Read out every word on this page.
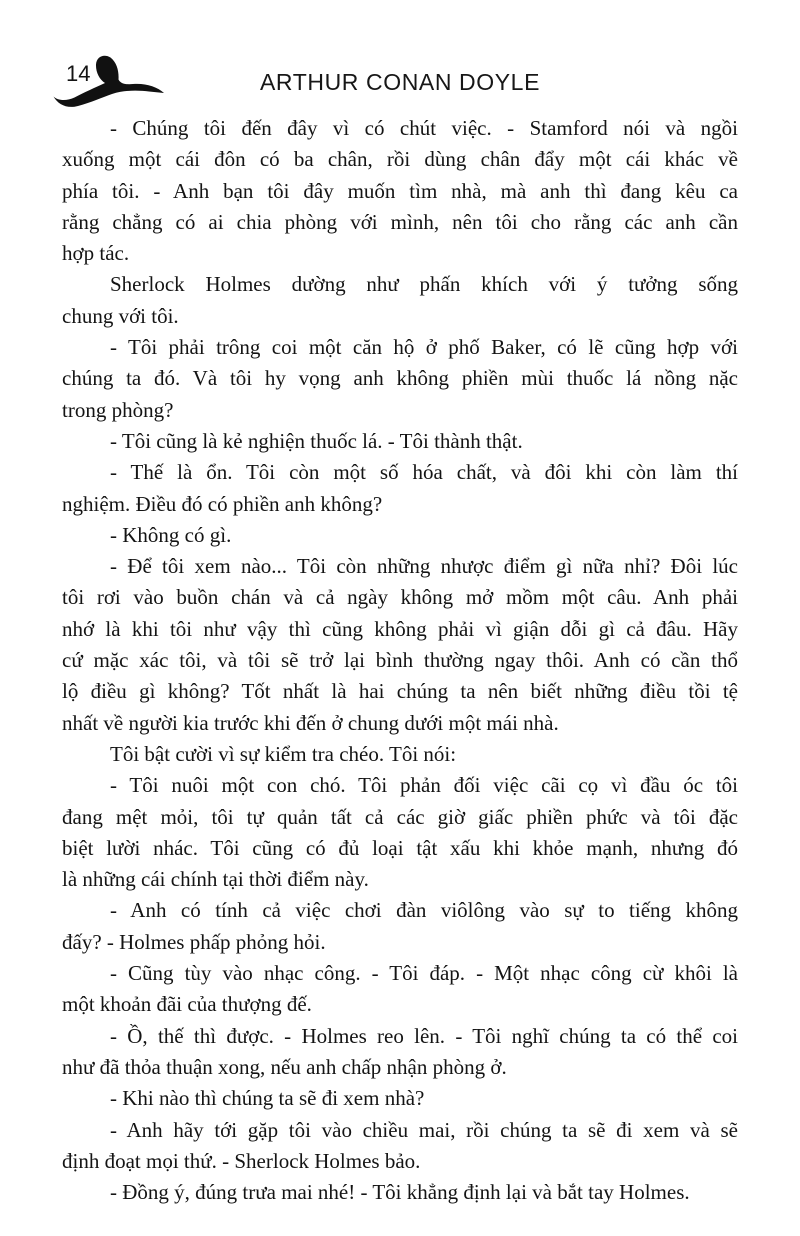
14	ARTHUR CONAN DOYLE
- Chúng tôi đến đây vì có chút việc. - Stamford nói và ngồi
xuống một cái đôn có ba chân, rồi dùng chân đẩy một cái khác về
phía tôi. - Anh bạn tôi đây muốn tìm nhà, mà anh thì đang kêu ca
rằng chẳng có ai chia phòng với mình, nên tôi cho rằng các anh cần
hợp tác.
Sherlock Holmes dường như phấn khích với ý tưởng sống
chung với tôi.
- Tôi phải trông coi một căn hộ ở phố Baker, có lẽ cũng hợp với
chúng ta đó. Và tôi hy vọng anh không phiền mùi thuốc lá nồng nặc
trong phòng?
- Tôi cũng là kẻ nghiện thuốc lá. - Tôi thành thật.
- Thế là ổn. Tôi còn một số hóa chất, và đôi khi còn làm thí
nghiệm. Điều đó có phiền anh không?
- Không có gì.
- Để tôi xem nào... Tôi còn những nhược điểm gì nữa nhỉ? Đôi lúc
tôi rơi vào buồn chán và cả ngày không mở mồm một câu. Anh phải
nhớ là khi tôi như vậy thì cũng không phải vì giận dỗi gì cả đâu. Hãy
cứ mặc xác tôi, và tôi sẽ trở lại bình thường ngay thôi. Anh có cần thổ
lộ điều gì không? Tốt nhất là hai chúng ta nên biết những điều tồi tệ
nhất về người kia trước khi đến ở chung dưới một mái nhà.
Tôi bật cười vì sự kiểm tra chéo. Tôi nói:
- Tôi nuôi một con chó. Tôi phản đối việc cãi cọ vì đầu óc tôi
đang mệt mỏi, tôi tự quản tất cả các giờ giấc phiền phức và tôi đặc
biệt lười nhác. Tôi cũng có đủ loại tật xấu khi khỏe mạnh, nhưng đó
là những cái chính tại thời điểm này.
- Anh có tính cả việc chơi đàn viôlông vào sự to tiếng không
đấy? - Holmes phấp phỏng hỏi.
- Cũng tùy vào nhạc công. - Tôi đáp. - Một nhạc công cừ khôi là
một khoản đãi của thượng đế.
- Ồ, thế thì được. - Holmes reo lên. - Tôi nghĩ chúng ta có thể coi
như đã thỏa thuận xong, nếu anh chấp nhận phòng ở.
- Khi nào thì chúng ta sẽ đi xem nhà?
- Anh hãy tới gặp tôi vào chiều mai, rồi chúng ta sẽ đi xem và sẽ
định đoạt mọi thứ. - Sherlock Holmes bảo.
- Đồng ý, đúng trưa mai nhé! - Tôi khẳng định lại và bắt tay Holmes.
